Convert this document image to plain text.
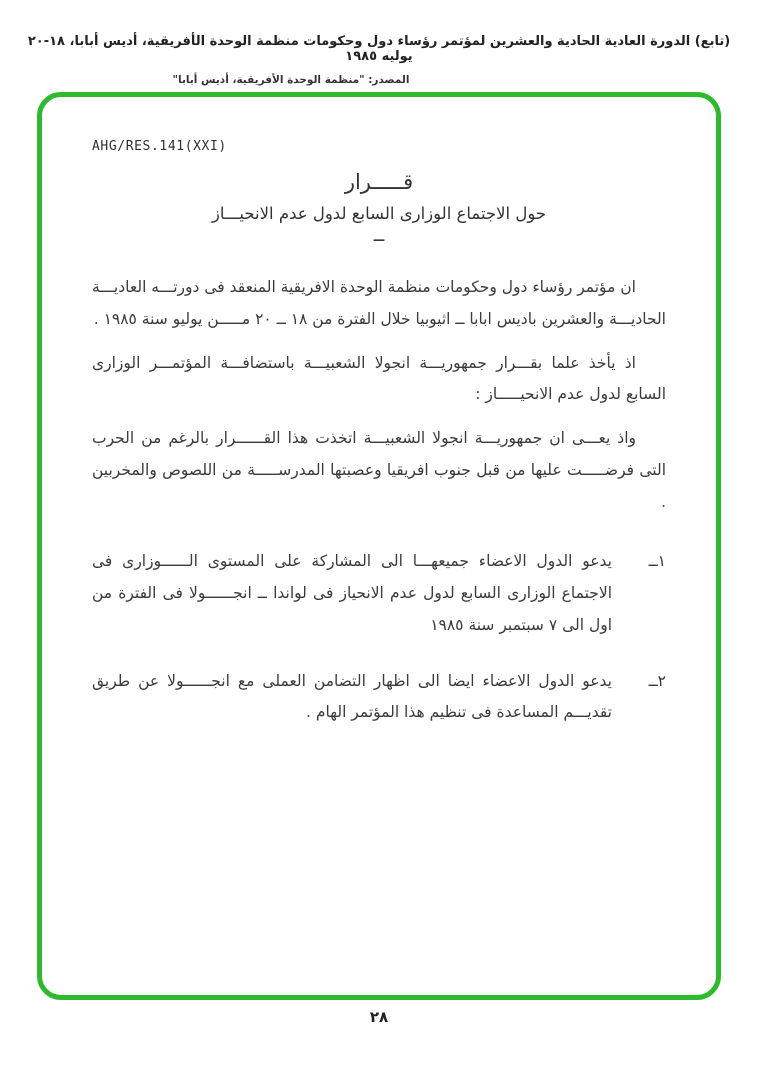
(تابع) الدورة العادية الحادية والعشرين لمؤتمر رؤساء دول وحكومات منظمة الوحدة الأفريقية، أديس أبابا، ١٨-٢٠ يوليه ١٩٨٥
المصدر: "منظمة الوحدة الأفريقية، أديس أبابا"
AHG/RES.141(XXI)
قـــــرار
حول الاجتماع الوزارى السابع لدول عدم الانحيـــاز
ــ

ان مؤتمر رؤساء دول وحكومات منظمة الوحدة الافريقية المنعقد فى دورتـــه العاديـــة الحاديـــة والعشرين باديس ابابا ــ اثيوبيا خلال الفترة من ١٨ ــ ٢٠ مـــــن يوليو سنة ١٩٨٥ .

اذ يأخذ علما بقـــرار جمهوريـــة انجولا الشعبيـــة باستضافـــة المؤتمـــر الوزارى السابع لدول عدم الانحيـــــاز :

واذ يعـــى ان جمهوريـــة انجولا الشعبيـــة اتخذت هذا القــــــرار بالرغم من الحرب التى فرضـــــت عليها من قبل جنوب افريقيا وعصبتها المدرســـــة من اللصوص والمخربين .

١ــ
يدعو الدول الاعضاء جميعهـــا الى المشاركة على المستوى الــــــوزارى فى الاجتماع الوزارى السابع لدول عدم الانحياز فى لواندا ــ انجــــــولا فى الفترة من اول الى ٧ سبتمبر سنة ١٩٨٥
٢ــ
يدعو الدول الاعضاء ايضا الى اظهار التضامن العملى مع انجــــــولا عن طريق تقديـــم المساعدة فى تنظيم هذا المؤتمر الهام .
٢٨
